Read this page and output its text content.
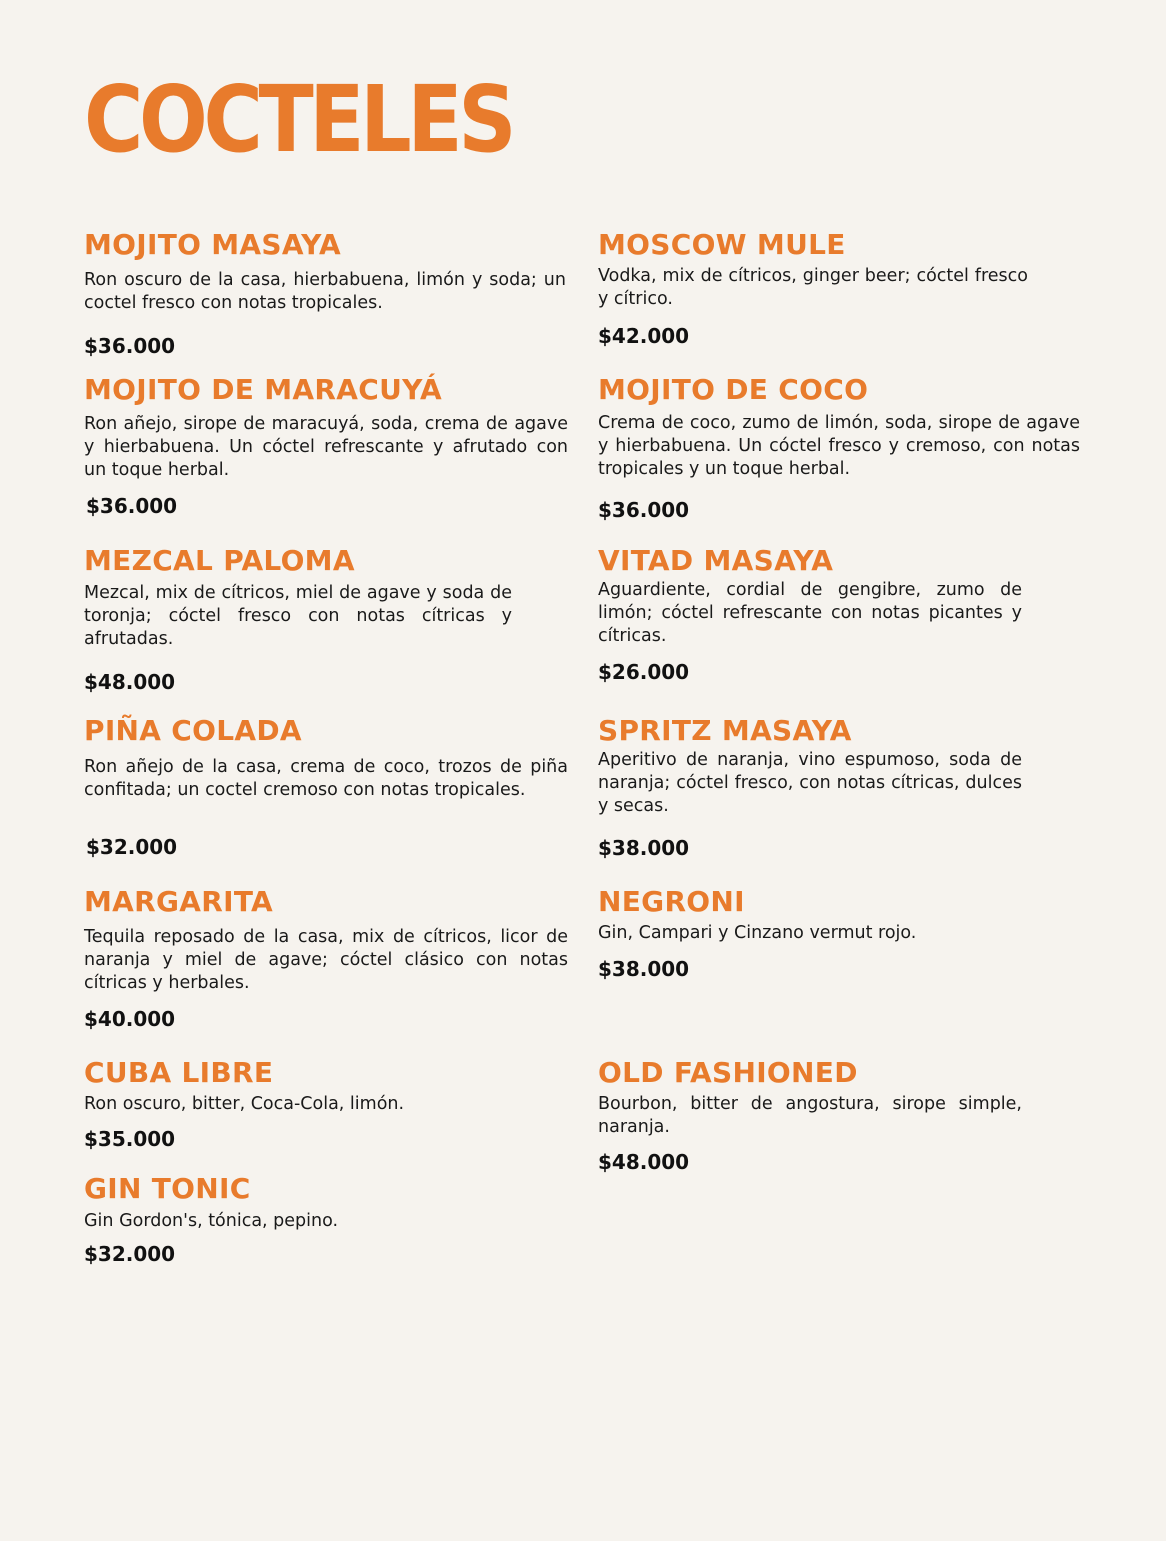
COCTELES
MOJITO MASAYA
Ron oscuro de la casa, hierbabuena, limón y soda; un coctel fresco con notas tropicales.
$36.000
MOJITO DE MARACUYÁ
Ron añejo, sirope de maracuyá, soda, crema de agave y hierbabuena. Un cóctel refrescante y afrutado con un toque herbal.
$36.000
MEZCAL PALOMA
Mezcal, mix de cítricos, miel de agave y soda de toronja; cóctel fresco con notas cítricas y afrutadas.
$48.000
PIÑA COLADA
Ron añejo de la casa, crema de coco, trozos de piña confitada; un coctel cremoso con notas tropicales.
$32.000
MARGARITA
Tequila reposado de la casa, mix de cítricos, licor de naranja y miel de agave; cóctel clásico con notas cítricas y herbales.
$40.000
CUBA LIBRE
Ron oscuro, bitter, Coca-Cola, limón.
$35.000
GIN TONIC
Gin Gordon's, tónica, pepino.
$32.000
MOSCOW MULE
Vodka, mix de cítricos, ginger beer; cóctel fresco y cítrico.
$42.000
MOJITO DE COCO
Crema de coco, zumo de limón, soda, sirope de agave y hierbabuena. Un cóctel fresco y cremoso, con notas tropicales y un toque herbal.
$36.000
VITAD MASAYA
Aguardiente, cordial de gengibre, zumo de limón; cóctel refrescante con notas picantes y cítricas.
$26.000
SPRITZ MASAYA
Aperitivo de naranja, vino espumoso, soda de naranja; cóctel fresco, con notas cítricas, dulces y secas.
$38.000
NEGRONI
Gin, Campari y Cinzano vermut rojo.
$38.000
OLD FASHIONED
Bourbon, bitter de angostura, sirope simple, naranja.
$48.000
